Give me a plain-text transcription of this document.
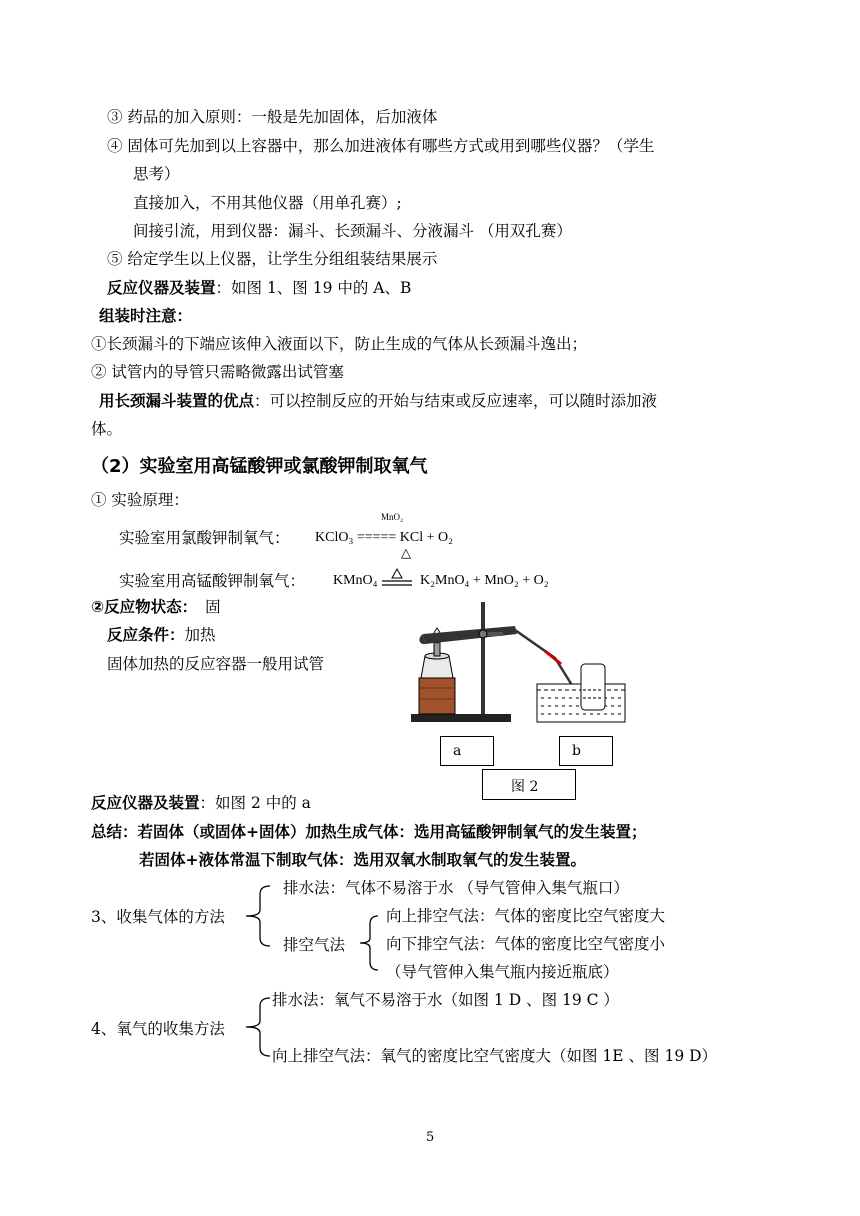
③ 药品的加入原则：一般是先加固体，后加液体
④ 固体可先加到以上容器中，那么加进液体有哪些方式或用到哪些仪器？（学生
思考）
直接加入，不用其他仪器（用单孔赛）;
间接引流，用到仪器：漏斗、长颈漏斗、分液漏斗 （用双孔赛）
⑤ 给定学生以上仪器，让学生分组组装结果展示
反应仪器及装置：如图 1、图 19 中的 A、B
组装时注意：
①长颈漏斗的下端应该伸入液面以下，防止生成的气体从长颈漏斗逸出；
② 试管内的导管只需略微露出试管塞
用长颈漏斗装置的优点：可以控制反应的开始与结束或反应速率，可以随时添加液
体。
（2）实验室用高锰酸钾或氯酸钾制取氧气
① 实验原理：
MnO₂
实验室用氯酸钾制氧气： KClO₃ ===== KCl + O₂
△
实验室用高锰酸钾制氧气： KMnO₄	K₂MnO₄ + MnO₂ + O₂
②反应物状态： 固
反应条件：加热
固体加热的反应容器一般用试管
a	b
图 2
反应仪器及装置：如图 2 中的 a
总结：若固体（或固体+固体）加热生成气体：选用高锰酸钾制氧气的发生装置；
若固体+液体常温下制取气体：选用双氧水制取氧气的发生装置。
3、收集气体的方法
排水法：气体不易溶于水 （导气管伸入集气瓶口）
排空气法
向上排空气法：气体的密度比空气密度大
向下排空气法：气体的密度比空气密度小
（导气管伸入集气瓶内接近瓶底）
4、氧气的收集方法
排水法：氧气不易溶于水（如图 1 D 、图 19 C ）
向上排空气法：氧气的密度比空气密度大（如图 1E 、图 19 D）
5
